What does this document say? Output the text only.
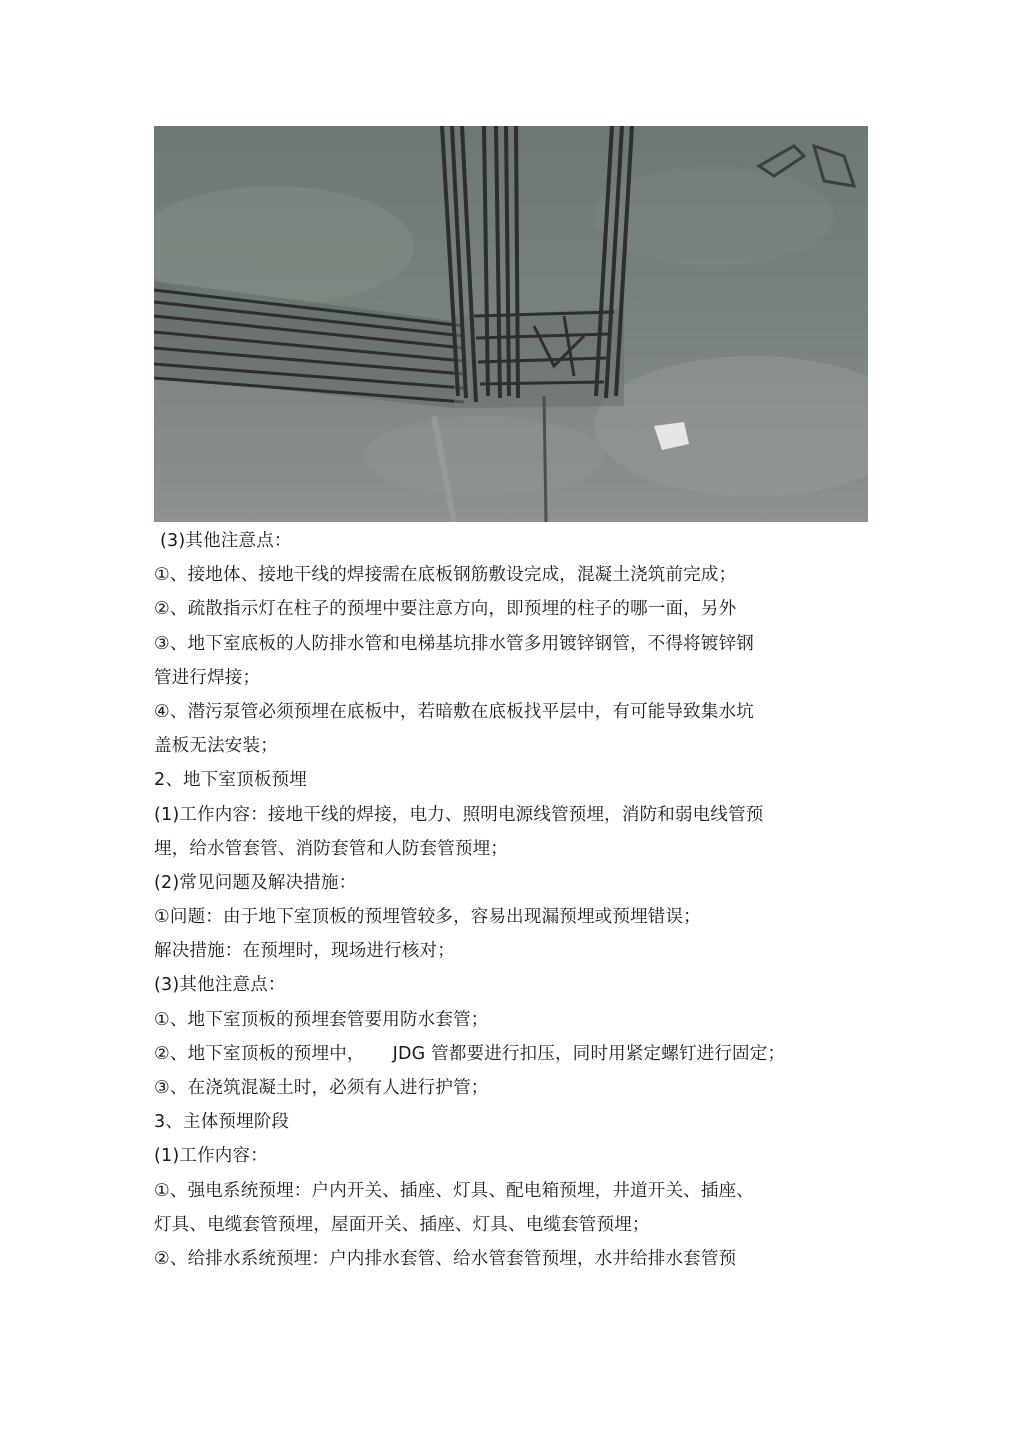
(3)其他注意点：
①、接地体、接地干线的焊接需在底板钢筋敷设完成，混凝土浇筑前完成；
②、疏散指示灯在柱子的预埋中要注意方向，即预埋的柱子的哪一面，另外
③、地下室底板的人防排水管和电梯基坑排水管多用镀锌钢管，不得将镀锌钢
管进行焊接；
④、潜污泵管必须预埋在底板中，若暗敷在底板找平层中，有可能导致集水坑
盖板无法安装；
2、地下室顶板预埋
(1)工作内容：接地干线的焊接，电力、照明电源线管预埋，消防和弱电线管预
埋，给水管套管、消防套管和人防套管预埋；
(2)常见问题及解决措施：
①问题：由于地下室顶板的预埋管较多，容易出现漏预埋或预埋错误；
解决措施：在预埋时，现场进行核对；
(3)其他注意点：
①、地下室顶板的预埋套管要用防水套管；
②、地下室顶板的预埋中， JDG 管都要进行扣压，同时用紧定螺钉进行固定；
③、在浇筑混凝土时，必须有人进行护管；
3、主体预埋阶段
(1)工作内容：
①、强电系统预埋：户内开关、插座、灯具、配电箱预埋，井道开关、插座、
灯具、电缆套管预埋，屋面开关、插座、灯具、电缆套管预埋；
②、给排水系统预埋：户内排水套管、给水管套管预埋，水井给排水套管预
